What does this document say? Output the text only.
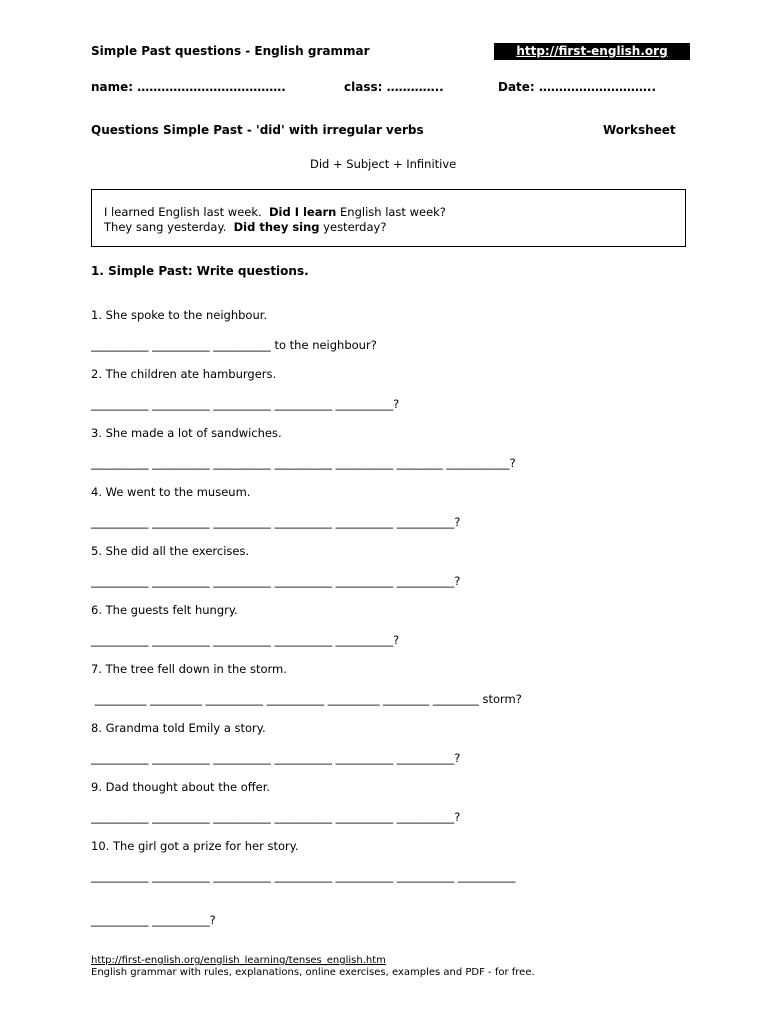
Simple Past questions - English grammar	http://first-english.org
name: ……………………………….	class: …………..	Date: ………………………..
Questions Simple Past - 'did' with irregular verbs	Worksheet
Did + Subject + Infinitive
I learned English last week.  Did I learn English last week?
They sang yesterday.  Did they sing yesterday?
1. Simple Past: Write questions.
1. She spoke to the neighbour.
__________ __________ __________ to the neighbour?
2. The children ate hamburgers.
__________ __________ __________ __________ __________?
3. She made a lot of sandwiches.
__________ __________ __________ __________ __________ ________ ___________?
4. We went to the museum.
__________ __________ __________ __________ __________ __________?
5. She did all the exercises.
__________ __________ __________ __________ __________ __________?
6. The guests felt hungry.
__________ __________ __________ __________ __________?
7. The tree fell down in the storm.
_________ _________ __________ __________ _________ ________ ________ storm?
8. Grandma told Emily a story.
__________ __________ __________ __________ __________ __________?
9. Dad thought about the offer.
__________ __________ __________ __________ __________ __________?
10. The girl got a prize for her story.
__________ __________ __________ __________ __________ __________ __________
__________ __________?
http://first-english.org/english_learning/tenses_english.htm
English grammar with rules, explanations, online exercises, examples and PDF - for free.
